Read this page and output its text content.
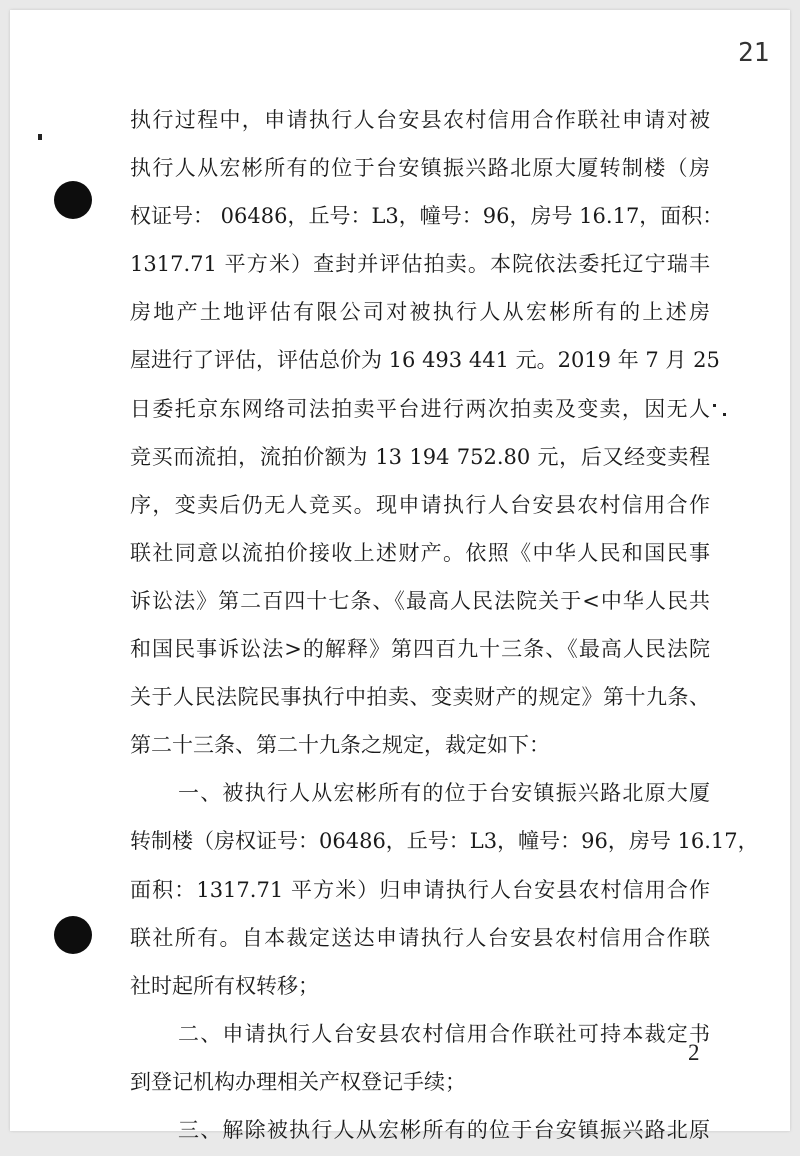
21
执行过程中，申请执行人台安县农村信用合作联社申请对被
执行人从宏彬所有的位于台安镇振兴路北原大厦转制楼（房
权证号： 06486，丘号：L3，幢号：96，房号 16.17，面积：
1317.71 平方米）查封并评估拍卖。本院依法委托辽宁瑞丰
房地产土地评估有限公司对被执行人从宏彬所有的上述房
屋进行了评估，评估总价为 16 493 441 元。2019 年 7 月 25
日委托京东网络司法拍卖平台进行两次拍卖及变卖，因无人
竞买而流拍，流拍价额为 13 194 752.80 元，后又经变卖程
序，变卖后仍无人竞买。现申请执行人台安县农村信用合作
联社同意以流拍价接收上述财产。依照《中华人民和国民事
诉讼法》第二百四十七条、《最高人民法院关于<中华人民共
和国民事诉讼法>的解释》第四百九十三条、《最高人民法院
关于人民法院民事执行中拍卖、变卖财产的规定》第十九条、
第二十三条、第二十九条之规定，裁定如下：
一、被执行人从宏彬所有的位于台安镇振兴路北原大厦
转制楼（房权证号：06486，丘号：L3，幢号：96，房号 16.17，
面积：1317.71 平方米）归申请执行人台安县农村信用合作
联社所有。自本裁定送达申请执行人台安县农村信用合作联
社时起所有权转移；
二、申请执行人台安县农村信用合作联社可持本裁定书
到登记机构办理相关产权登记手续；
三、解除被执行人从宏彬所有的位于台安镇振兴路北原
2
